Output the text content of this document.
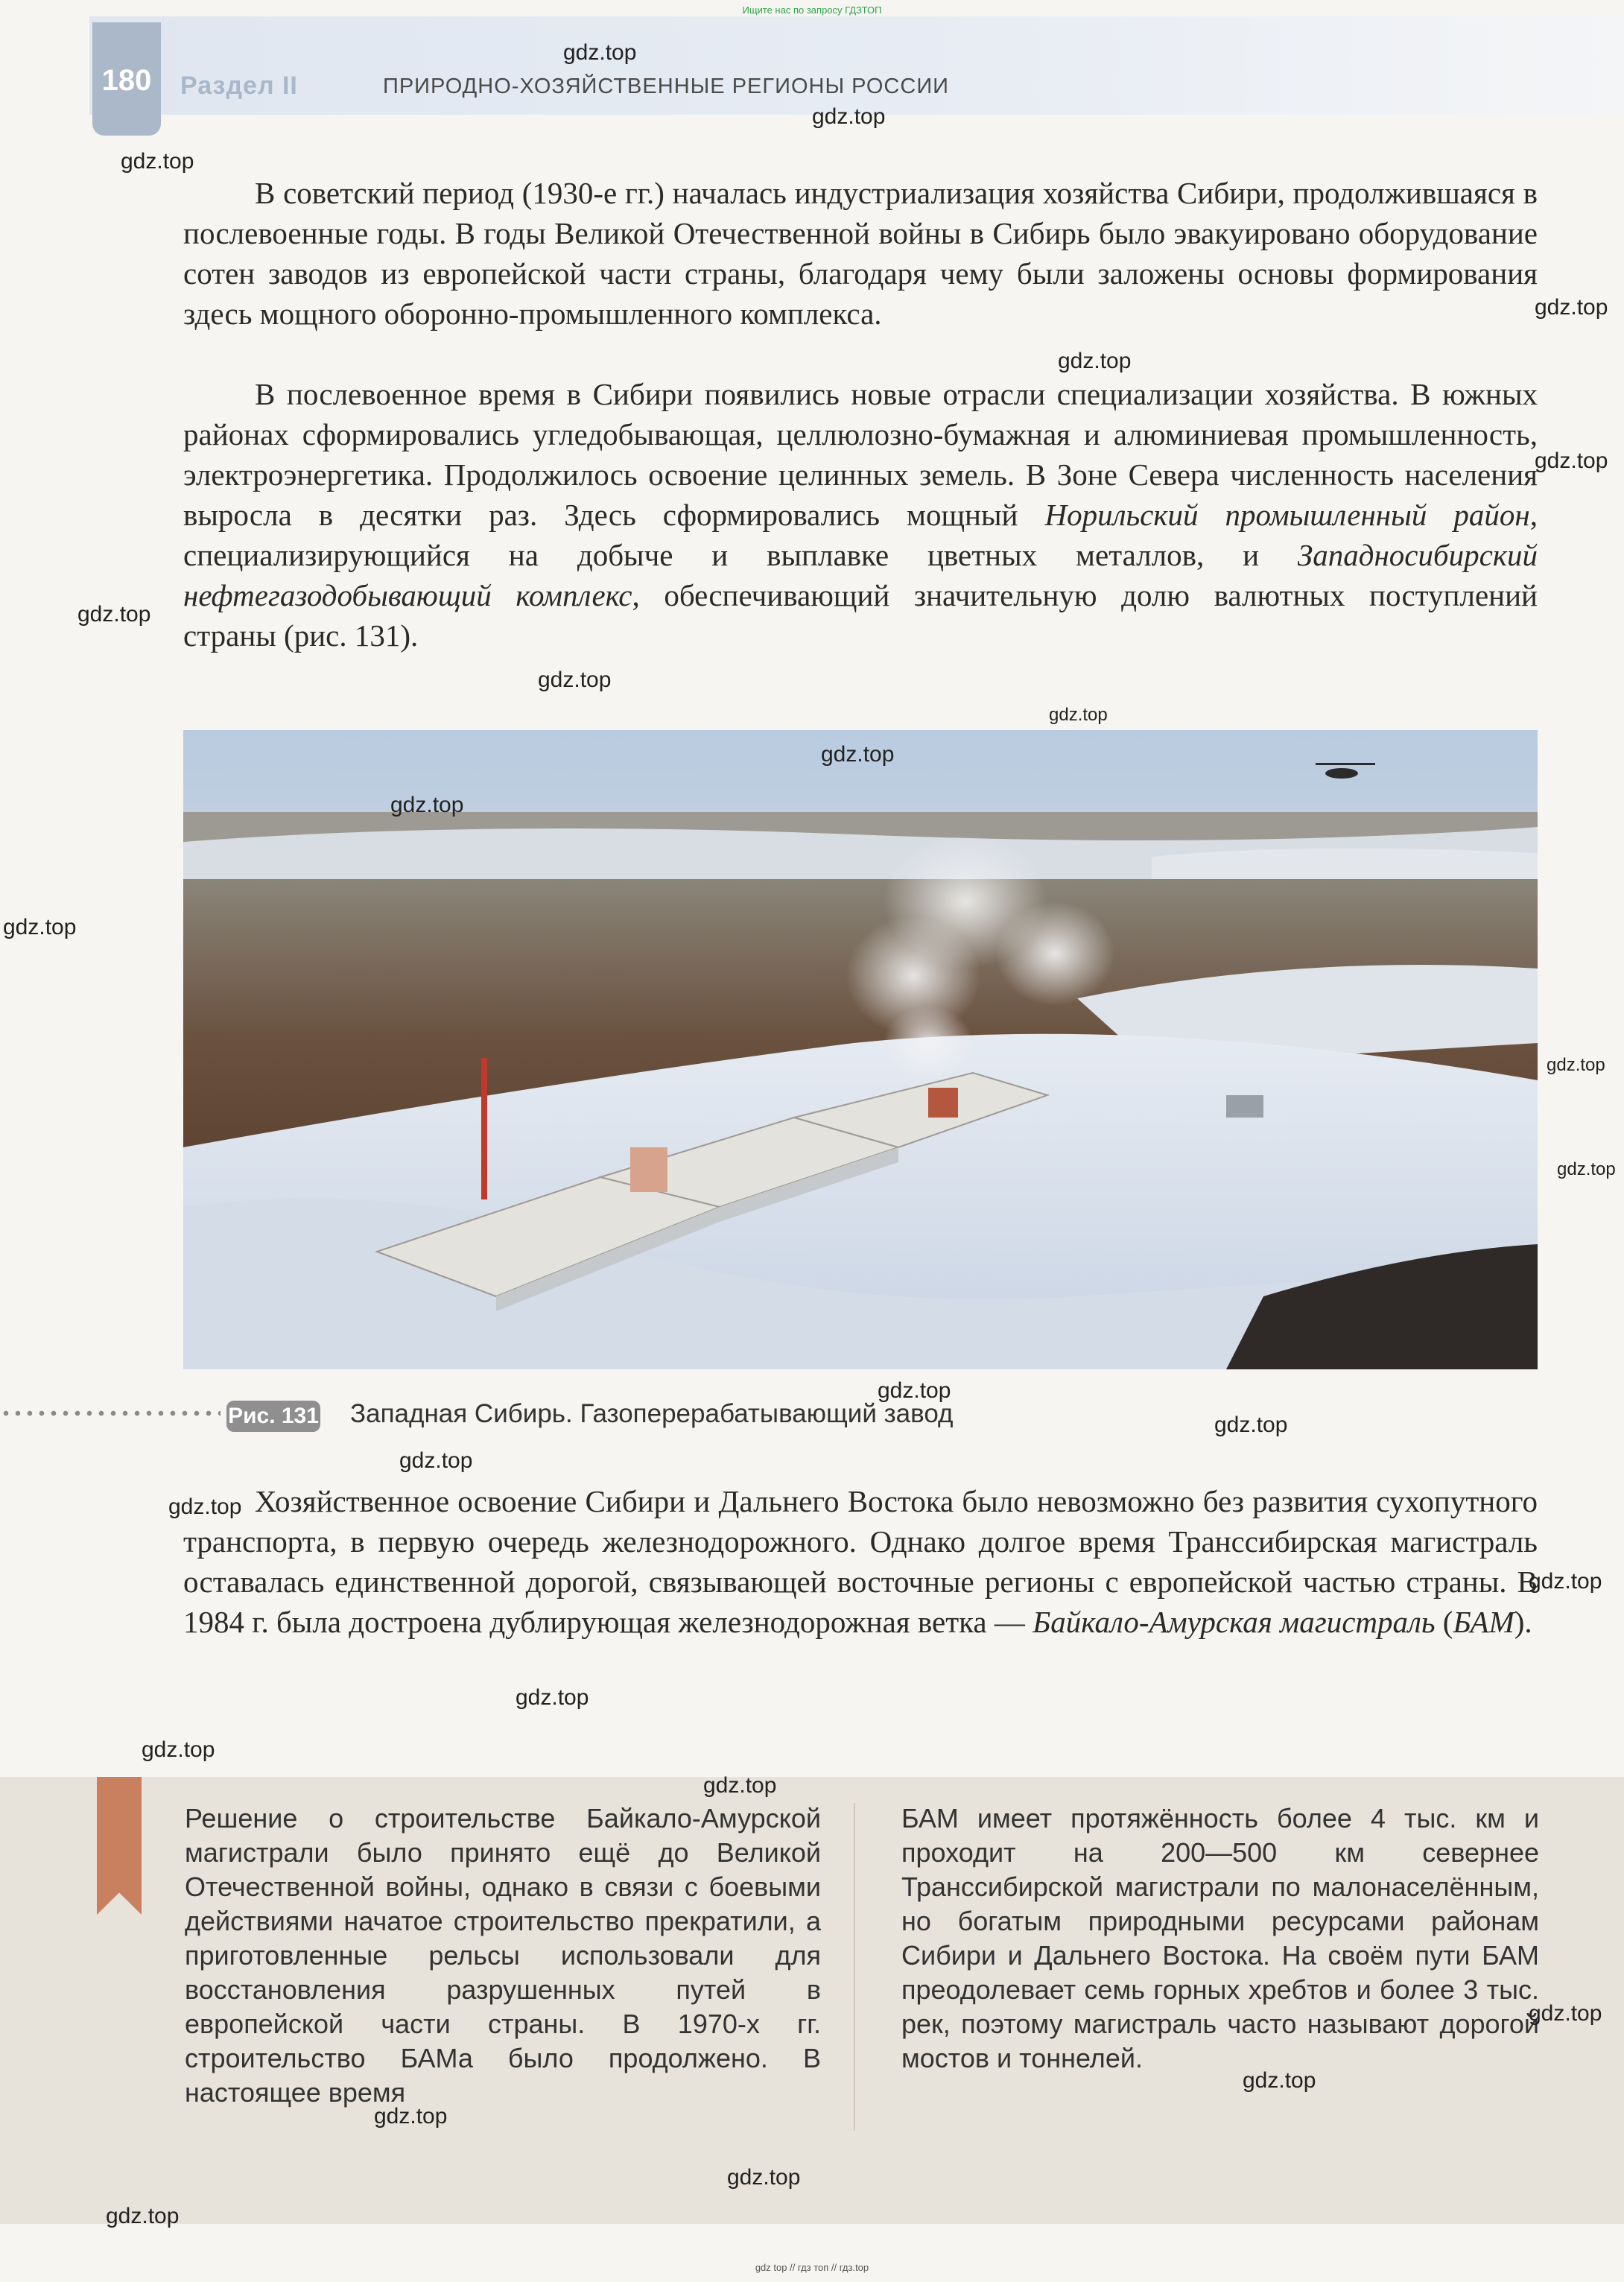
Ищите нас по запросу ГДЗТОП
180	Раздел II	ПРИРОДНО-ХОЗЯЙСТВЕННЫЕ РЕГИОНЫ РОССИИ

В советский период (1930-е гг.) началась индустриализация хозяйства Сибири, продолжившаяся в послевоенные годы. В годы Великой Отечественной войны в Сибирь было эвакуировано оборудование сотен заводов из европейской части страны, благодаря чему были заложены основы формирования здесь мощного оборонно-промышленного комплекса.

В послевоенное время в Сибири появились новые отрасли специализации хозяйства. В южных районах сформировались угледобывающая, целлюлозно-бумажная и алюминиевая промышленность, электроэнергетика. Продолжилось освоение целинных земель. В Зоне Севера численность населения выросла в десятки раз. Здесь сформировались мощный Норильский промышленный район, специализирующийся на добыче и выплавке цветных металлов, и Западносибирский нефтегазодобывающий комплекс, обеспечивающий значительную долю валютных поступлений страны (рис. 131).

Рис. 131 Западная Сибирь. Газоперерабатывающий завод

Хозяйственное освоение Сибири и Дальнего Востока было невозможно без развития сухопутного транспорта, в первую очередь железнодорожного. Однако долгое время Транссибирская магистраль оставалась единственной дорогой, связывающей восточные регионы с европейской частью страны. В 1984 г. была достроена дублирующая железнодорожная ветка — Байкало-Амурская магистраль (БАМ).

Решение о строительстве Байкало-Амурской магистрали было принято ещё до Великой Отечественной войны, однако в связи с боевыми действиями начатое строительство прекратили, а приготовленные рельсы использовали для восстановления разрушенных путей в европейской части страны. В 1970-х гг. строительство БАМа было продолжено. В настоящее время

БАМ имеет протяжённость более 4 тыс. км и проходит на 200—500 км севернее Транссибирской магистрали по малонаселённым, но богатым природными ресурсами районам Сибири и Дальнего Востока. На своём пути БАМ преодолевает семь горных хребтов и более 3 тыс. рек, поэтому магистраль часто называют дорогой мостов и тоннелей.

gdz.top
gdz.top
gdz.top
gdz.top
gdz.top
gdz.top
gdz.top
gdz.top
gdz.top
gdz.top
gdz.top
gdz.top
gdz.top
gdz.top
gdz.top
gdz.top
gdz.top
gdz.top
gdz.top
gdz.top
gdz.top
gdz.top
gdz.top
gdz.top
gdz.top
gdz.top
gdz.top
gdz top // гдз топ // гдз.top
